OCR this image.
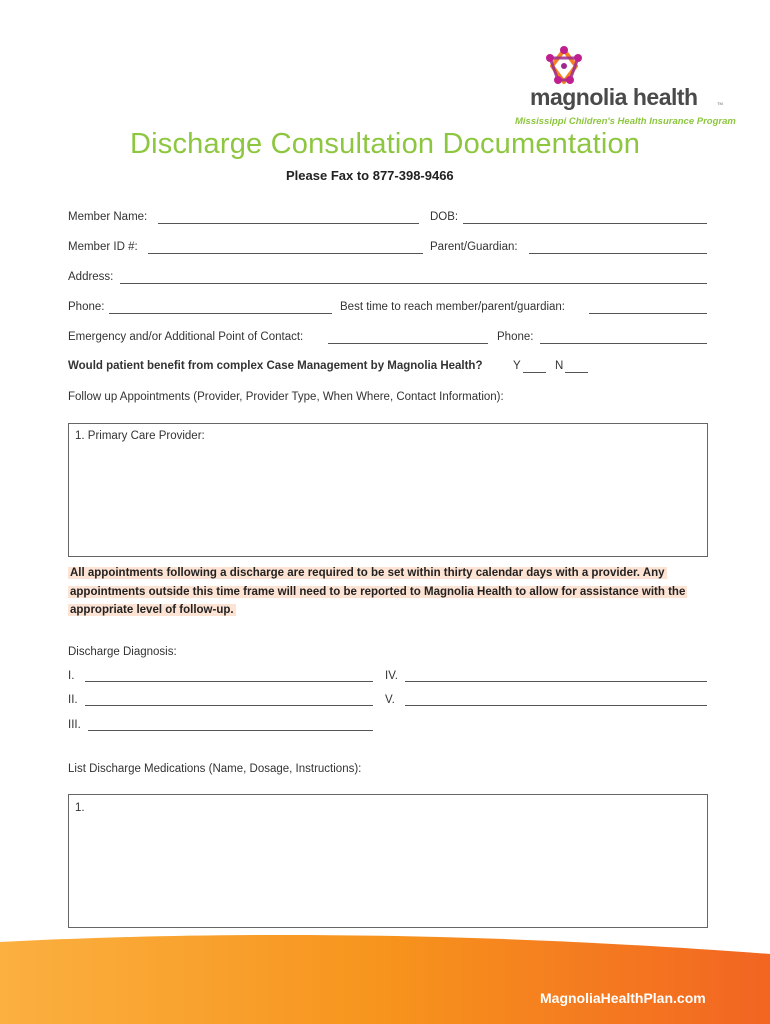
magnolia health	TM
Mississippi Children's Health Insurance Program
Discharge Consultation Documentation
Please Fax to 877-398-9466
Member Name:	DOB:
Member ID #:	Parent/Guardian:
Address:
Phone:	Best time to reach member/parent/guardian:
Emergency and/or Additional Point of Contact:	Phone:
Would patient benefit from complex Case Management by Magnolia Health?	Y	N
Follow up Appointments (Provider, Provider Type, When Where, Contact Information):
1. Primary Care Provider:
All appointments following a discharge are required to be set within thirty calendar days with a provider. Any appointments outside this time frame will need to be reported to Magnolia Health to allow for assistance with the appropriate level of follow-up.
Discharge Diagnosis:
I.	IV.
II.	V.
III.
List Discharge Medications (Name, Dosage, Instructions):
1.
MagnoliaHealthPlan.com
